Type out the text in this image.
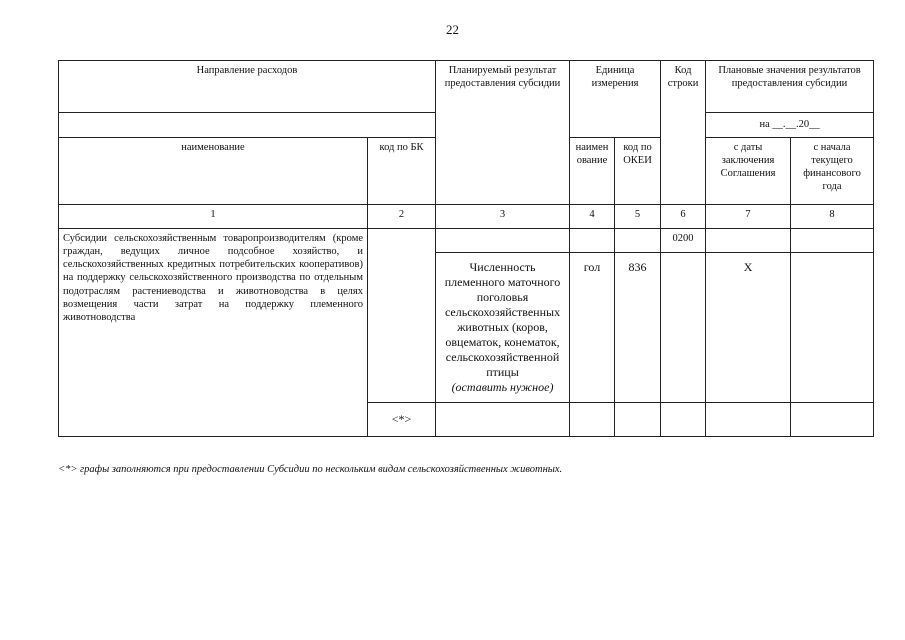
22
Направление расходов		Планируемый результат предоставления субсидии	Единица измерения		Код строки	Плановые значения результатов предоставления субсидии	
						на __.__.20__	
наименование	код по БК		наимен ование	код по ОКЕИ		с даты заключения Соглашения	с начала текущего финансового года
1	2	3	4	5	6	7	8
Субсидии сельскохозяйственным товаропроизводителям (кроме граждан, ведущих личное подсобное хозяйство, и сельскохозяйственных кредитных потребительских кооперативов) на поддержку сельскохозяйственного производства по отдельным подотраслям растениеводства и животноводства в целях возмещения части затрат на поддержку племенного животноводства					0200		
		Численность племенного маточного поголовья сельскохозяйственных животных (коров, овцематок, конематок, сельскохозяйственной птицы
(оставить нужное)	гол	836		X	
	<*>						
<*> графы заполняются при предоставлении Субсидии по нескольким видам сельскохозяйственных животных.
